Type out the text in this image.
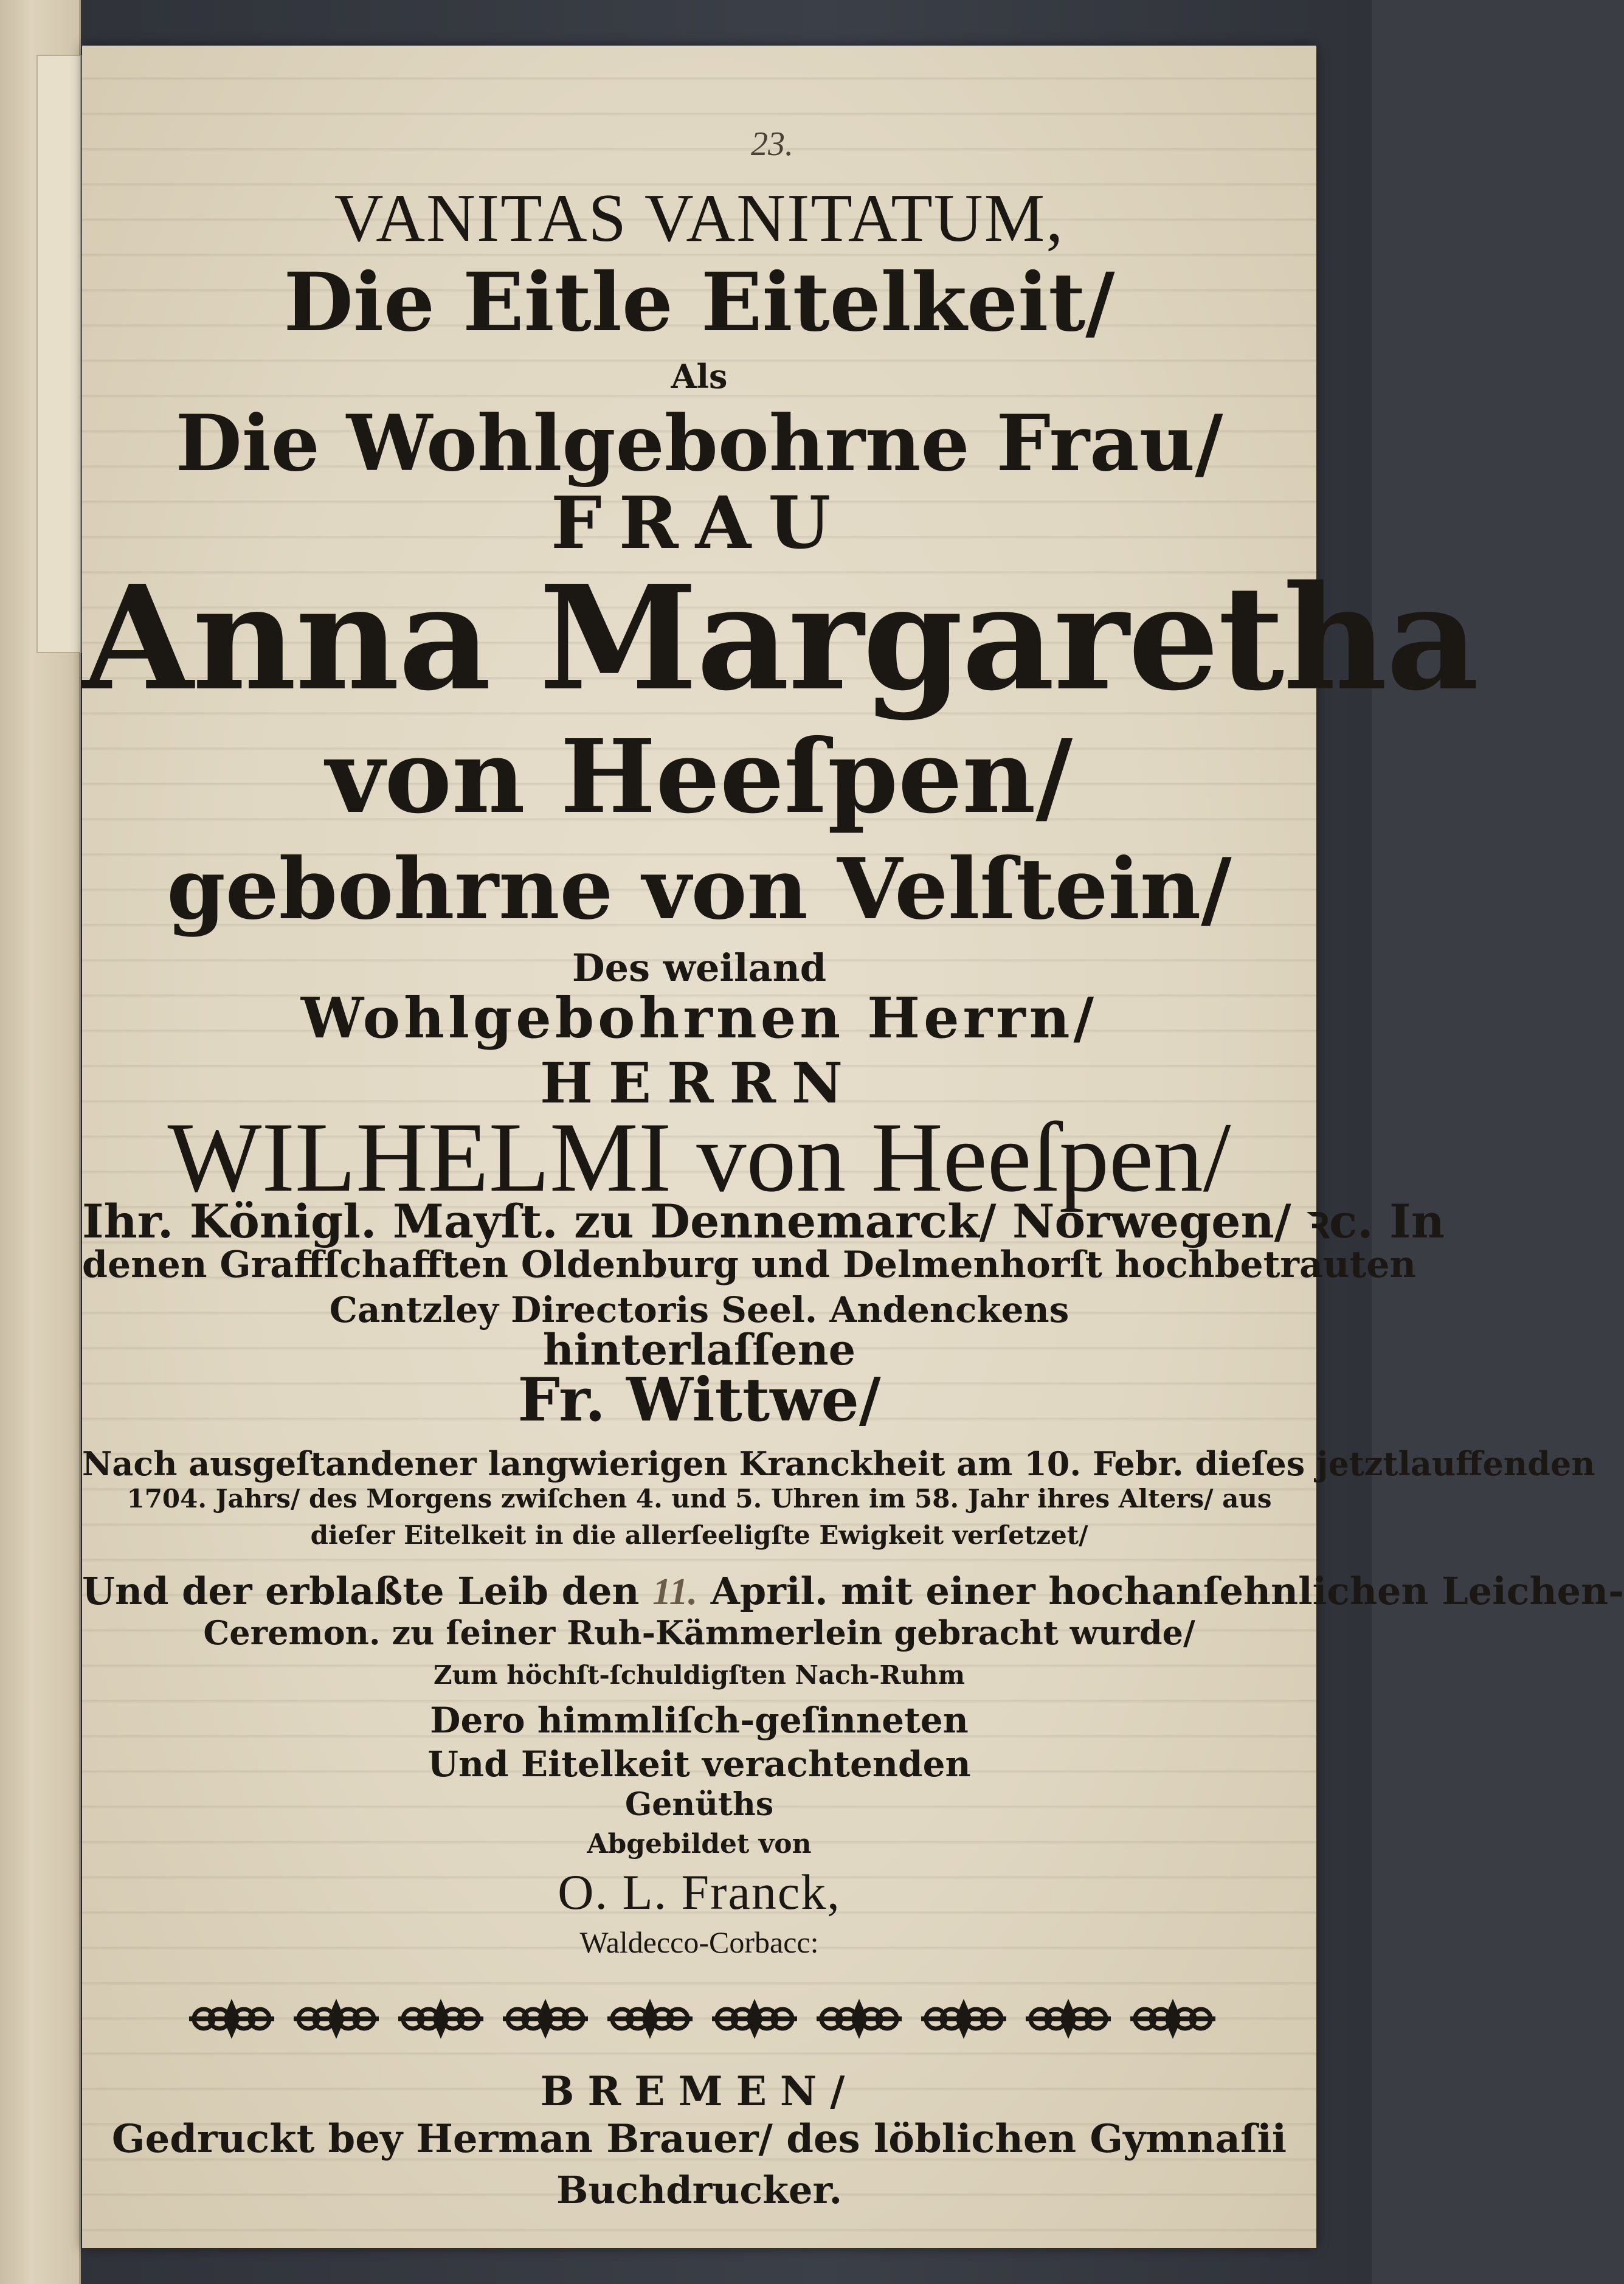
23.

VANITAS VANITATUM,

Die Eitle Eitelkeit/

Als

Die Wohlgebohrne Frau/

FRAU

Anna Margaretha

von Heeſpen/

gebohrne von Velſtein/

Des weiland

Wohlgebohrnen Herrn/

HERRN

WILHELMI von Heeſpen/

Ihr. Königl. Mayſt. zu Dennemarck/ Norwegen/ ꝛc. In

denen Graffſchafften Oldenburg und Delmenhorſt hochbetrauten

Cantzley Directoris Seel. Andenckens

hinterlaſſene

Fr. Wittwe/

Nach ausgeſtandener langwierigen Kranckheit am 10. Febr. dieſes jetztlauffenden

1704. Jahrs/ des Morgens zwiſchen 4. und 5. Uhren im 58. Jahr ihres Alters/ aus

dieſer Eitelkeit in die allerſeeligſte Ewigkeit verſetzet/

Und der erblaßte Leib den 11. April. mit einer hochanſehnlichen Leichen-

Ceremon. zu ſeiner Ruh-Kämmerlein gebracht wurde/

Zum höchſt-ſchuldigſten Nach-Ruhm

Dero himmliſch-geſinneten

Und Eitelkeit verachtenden

Genüths

Abgebildet von

O. L. Franck,

Waldecco-Corbacc:

BREMEN/

Gedruckt bey Herman Brauer/ des löblichen Gymnaſii

Buchdrucker.
